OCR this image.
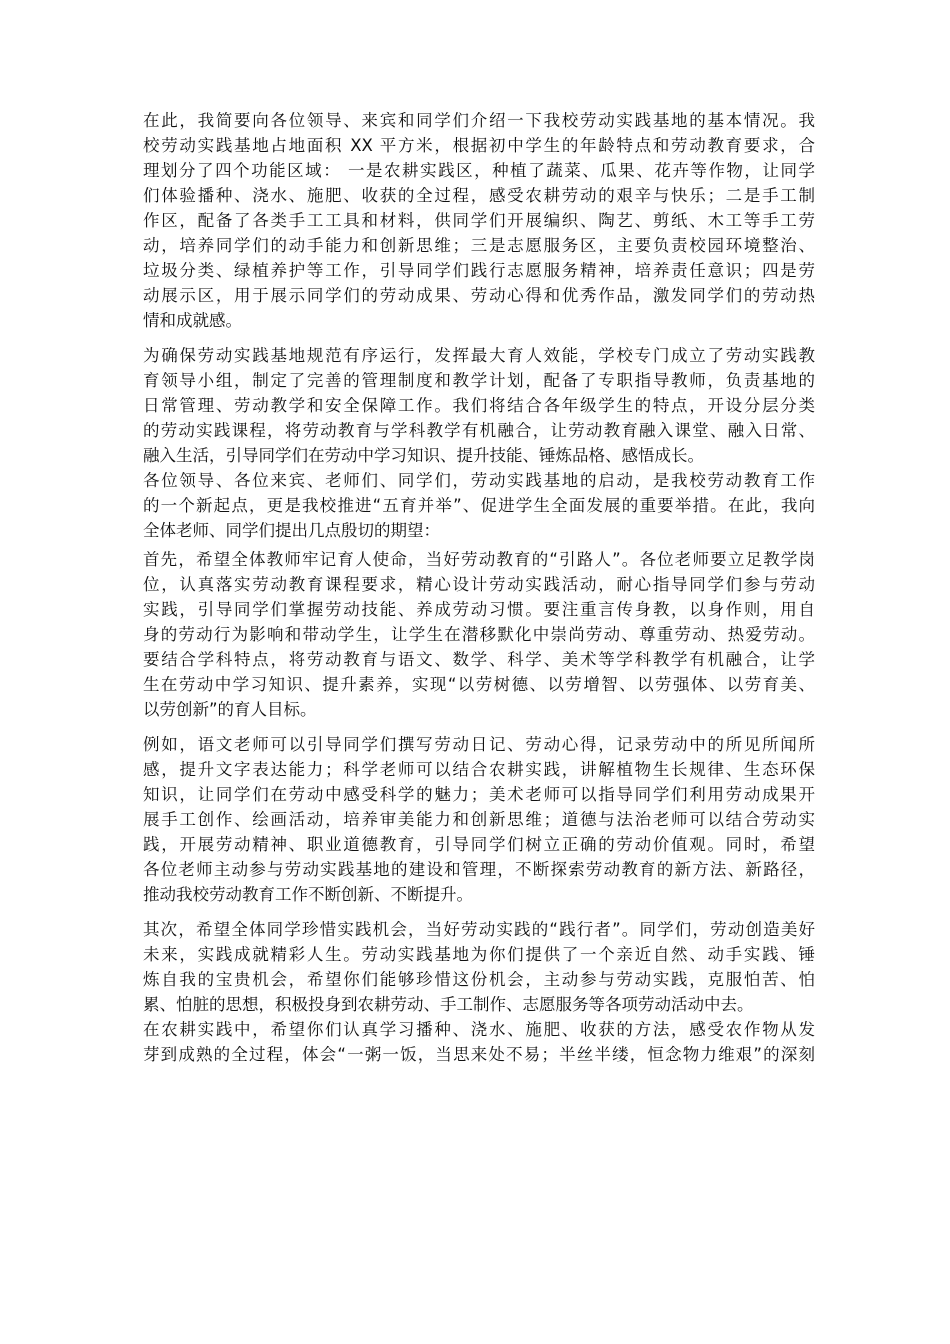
在此，我简要向各位领导、来宾和同学们介绍一下我校劳动实践基地的基本情况。我
校劳动实践基地占地面积 XX 平方米，根据初中学生的年龄特点和劳动教育要求，合
理划分了四个功能区域： 一是农耕实践区，种植了蔬菜、瓜果、花卉等作物，让同学
们体验播种、浇水、施肥、收获的全过程，感受农耕劳动的艰辛与快乐；二是手工制
作区，配备了各类手工工具和材料，供同学们开展编织、陶艺、剪纸、木工等手工劳
动，培养同学们的动手能力和创新思维；三是志愿服务区，主要负责校园环境整治、
垃圾分类、绿植养护等工作，引导同学们践行志愿服务精神，培养责任意识；四是劳
动展示区，用于展示同学们的劳动成果、劳动心得和优秀作品，激发同学们的劳动热
情和成就感。
为确保劳动实践基地规范有序运行，发挥最大育人效能，学校专门成立了劳动实践教
育领导小组，制定了完善的管理制度和教学计划，配备了专职指导教师，负责基地的
日常管理、劳动教学和安全保障工作。我们将结合各年级学生的特点，开设分层分类
的劳动实践课程，将劳动教育与学科教学有机融合，让劳动教育融入课堂、融入日常、
融入生活，引导同学们在劳动中学习知识、提升技能、锤炼品格、感悟成长。
各位领导、各位来宾、老师们、同学们，劳动实践基地的启动，是我校劳动教育工作
的一个新起点，更是我校推进“五育并举”、促进学生全面发展的重要举措。在此，我向
全体老师、同学们提出几点殷切的期望：
首先，希望全体教师牢记育人使命，当好劳动教育的“引路人”。各位老师要立足教学岗
位，认真落实劳动教育课程要求，精心设计劳动实践活动，耐心指导同学们参与劳动
实践，引导同学们掌握劳动技能、养成劳动习惯。要注重言传身教，以身作则，用自
身的劳动行为影响和带动学生，让学生在潜移默化中崇尚劳动、尊重劳动、热爱劳动。
要结合学科特点，将劳动教育与语文、数学、科学、美术等学科教学有机融合，让学
生在劳动中学习知识、提升素养，实现“以劳树德、以劳增智、以劳强体、以劳育美、
以劳创新”的育人目标。
例如，语文老师可以引导同学们撰写劳动日记、劳动心得，记录劳动中的所见所闻所
感，提升文字表达能力；科学老师可以结合农耕实践，讲解植物生长规律、生态环保
知识，让同学们在劳动中感受科学的魅力；美术老师可以指导同学们利用劳动成果开
展手工创作、绘画活动，培养审美能力和创新思维；道德与法治老师可以结合劳动实
践，开展劳动精神、职业道德教育，引导同学们树立正确的劳动价值观。同时，希望
各位老师主动参与劳动实践基地的建设和管理，不断探索劳动教育的新方法、新路径，
推动我校劳动教育工作不断创新、不断提升。
其次，希望全体同学珍惜实践机会，当好劳动实践的“践行者”。同学们，劳动创造美好
未来，实践成就精彩人生。劳动实践基地为你们提供了一个亲近自然、动手实践、锤
炼自我的宝贵机会，希望你们能够珍惜这份机会，主动参与劳动实践，克服怕苦、怕
累、怕脏的思想，积极投身到农耕劳动、手工制作、志愿服务等各项劳动活动中去。
在农耕实践中，希望你们认真学习播种、浇水、施肥、收获的方法，感受农作物从发
芽到成熟的全过程，体会“一粥一饭，当思来处不易；半丝半缕，恒念物力维艰”的深刻
